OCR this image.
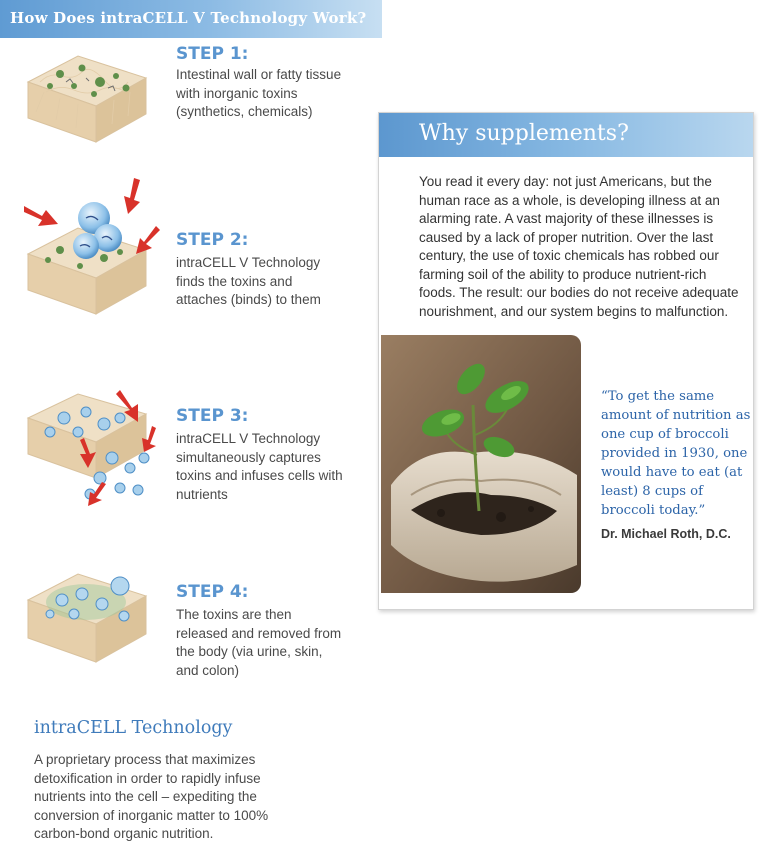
How Does intraCELL V Technology Work?
STEP 1:
Intestinal wall or fatty tissue with inorganic toxins (synthetics, chemicals)
STEP 2:
intraCELL V Technology finds the toxins and attaches (binds) to them
STEP 3:
intraCELL V Technology simultaneously captures toxins and infuses cells with nutrients
STEP 4:
The toxins are then released and removed from the body (via urine, skin, and colon)
intraCELL Technology
A proprietary process that maximizes detoxification in order to rapidly infuse nutrients into the cell – expediting the conversion of inorganic matter to 100% carbon-bond organic nutrition.
Why supplements?
You read it every day: not just Americans, but the human race as a whole, is developing illness at an alarming rate. A vast majority of these illnesses is caused by a lack of proper nutrition. Over the last century, the use of toxic chemicals has robbed our farming soil of the ability to produce nutrient-rich foods. The result: our bodies do not receive adequate nourishment, and our system begins to malfunction.
“To get the same amount of nutrition as one cup of broccoli provided in 1930, one would have to eat (at least) 8 cups of broccoli today.”
Dr. Michael Roth, D.C.
